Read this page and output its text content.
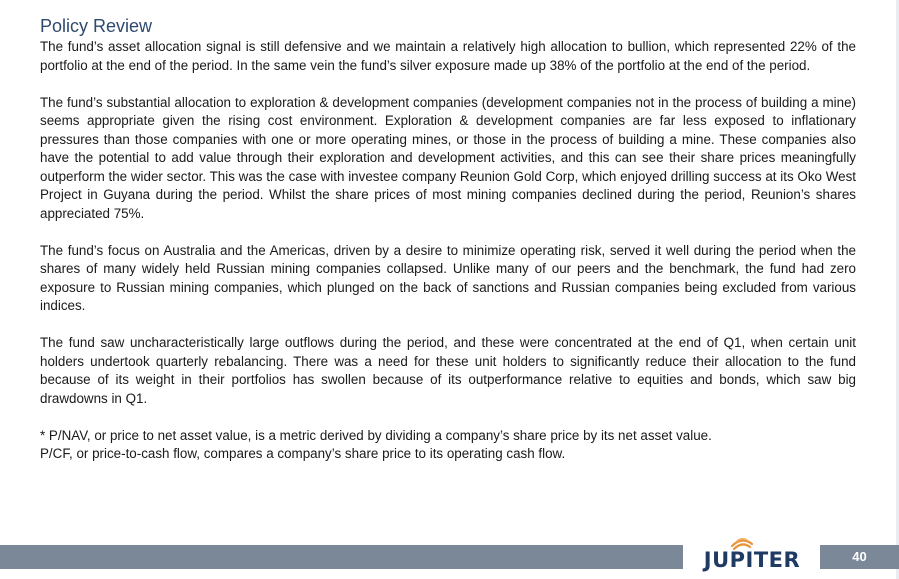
Policy Review

The fund’s asset allocation signal is still defensive and we maintain a relatively high allocation to bullion, which represented 22% of the portfolio at the end of the period. In the same vein the fund’s silver exposure made up 38% of the portfolio at the end of the period.

The fund’s substantial allocation to exploration & development companies (development companies not in the process of building a mine) seems appropriate given the rising cost environment. Exploration & development companies are far less exposed to inflationary pressures than those companies with one or more operating mines, or those in the process of building a mine. These companies also have the potential to add value through their exploration and development activities, and this can see their share prices meaningfully outperform the wider sector. This was the case with investee company Reunion Gold Corp, which enjoyed drilling success at its Oko West Project in Guyana during the period. Whilst the share prices of most mining companies declined during the period, Reunion’s shares appreciated 75%.

The fund’s focus on Australia and the Americas, driven by a desire to minimize operating risk, served it well during the period when the shares of many widely held Russian mining companies collapsed. Unlike many of our peers and the benchmark, the fund had zero exposure to Russian mining companies, which plunged on the back of sanctions and Russian companies being excluded from various indices.

The fund saw uncharacteristically large outflows during the period, and these were concentrated at the end of Q1, when certain unit holders undertook quarterly rebalancing. There was a need for these unit holders to significantly reduce their allocation to the fund because of its weight in their portfolios has swollen because of its outperformance relative to equities and bonds, which saw big drawdowns in Q1.

* P/NAV, or price to net asset value, is a metric derived by dividing a company’s share price by its net asset value.

P/CF, or price-to-cash flow, compares a company’s share price to its operating cash flow.

JUPITER	40
